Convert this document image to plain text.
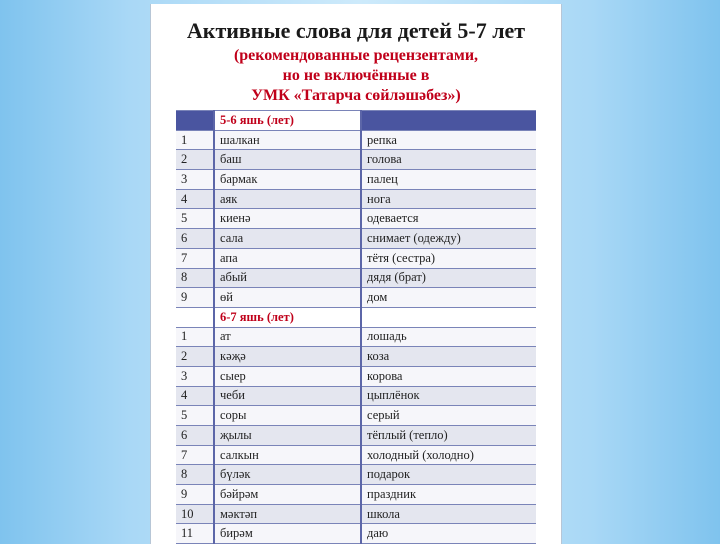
Активные слова для детей 5-7 лет
(рекомендованные рецензентами,
но не включённые в
УМК «Татарча сөйләшәбез»)
	5-6 яшь (лет)	
1	шалкан	репка
2	баш	голова
3	бармак	палец
4	аяк	нога
5	киенә	одевается
6	сала	снимает (одежду)
7	апа	тётя (сестра)
8	абый	дядя (брат)
9	өй	дом
	6-7 яшь (лет)	
1	ат	лошадь
2	кәҗә	коза
3	сыер	корова
4	чеби	цыплёнок
5	соры	серый
6	җылы	тёплый (тепло)
7	салкын	холодный (холодно)
8	бүләк	подарок
9	бәйрәм	праздник
10	мәктәп	школа
11	бирәм	даю
